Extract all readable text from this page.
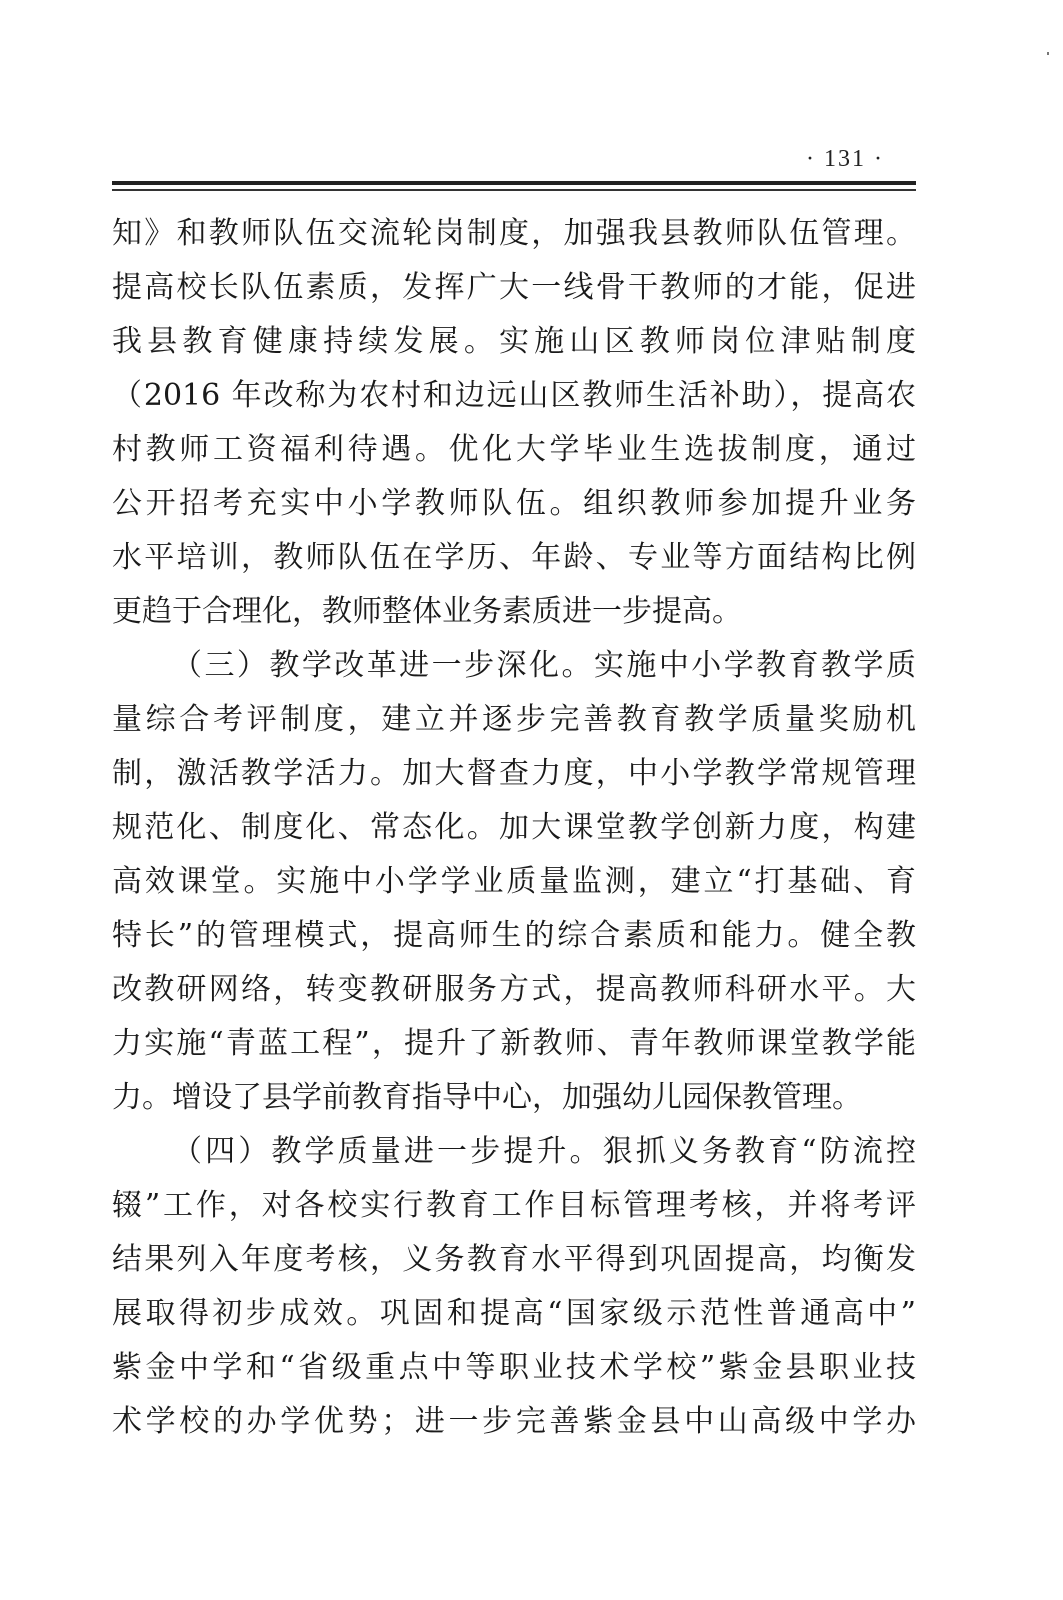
· 131 ·
知》和教师队伍交流轮岗制度，加强我县教师队伍管理。
提高校长队伍素质，发挥广大一线骨干教师的才能，促进
我县教育健康持续发展。实施山区教师岗位津贴制度
（2016 年改称为农村和边远山区教师生活补助），提高农
村教师工资福利待遇。优化大学毕业生选拔制度，通过
公开招考充实中小学教师队伍。组织教师参加提升业务
水平培训，教师队伍在学历、年龄、专业等方面结构比例
更趋于合理化，教师整体业务素质进一步提高。
（三）教学改革进一步深化。实施中小学教育教学质
量综合考评制度，建立并逐步完善教育教学质量奖励机
制，激活教学活力。加大督查力度，中小学教学常规管理
规范化、制度化、常态化。加大课堂教学创新力度，构建
高效课堂。实施中小学学业质量监测，建立“打基础、育
特长”的管理模式，提高师生的综合素质和能力。健全教
改教研网络，转变教研服务方式，提高教师科研水平。大
力实施“青蓝工程”，提升了新教师、青年教师课堂教学能
力。增设了县学前教育指导中心，加强幼儿园保教管理。
（四）教学质量进一步提升。狠抓义务教育“防流控
辍”工作，对各校实行教育工作目标管理考核，并将考评
结果列入年度考核，义务教育水平得到巩固提高，均衡发
展取得初步成效。巩固和提高“国家级示范性普通高中”
紫金中学和“省级重点中等职业技术学校”紫金县职业技
术学校的办学优势；进一步完善紫金县中山高级中学办
